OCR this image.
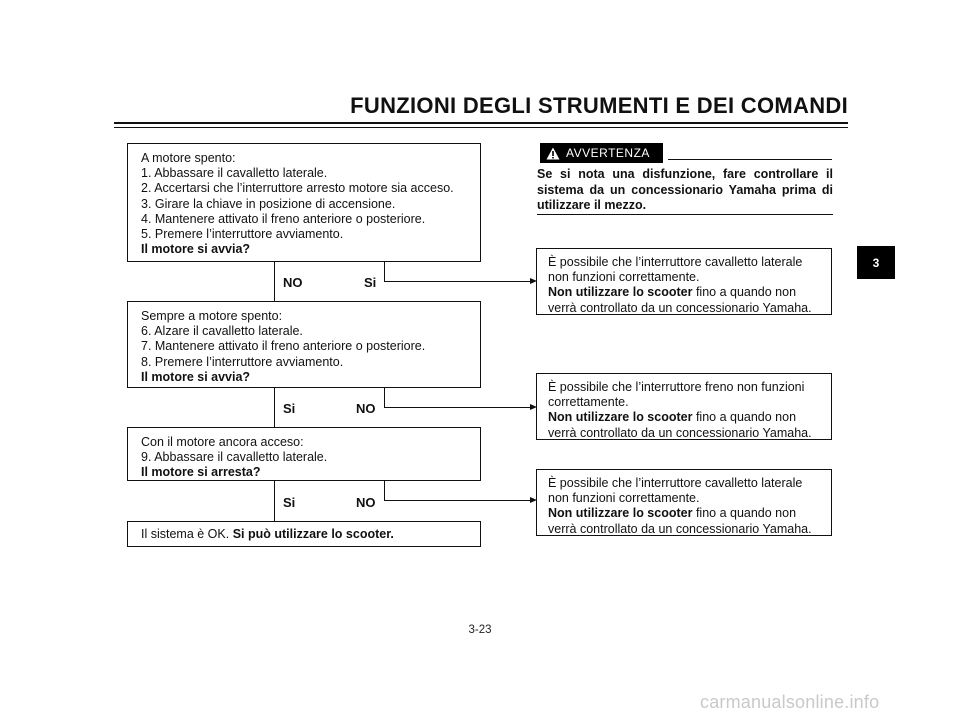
FUNZIONI DEGLI STRUMENTI E DEI COMANDI
A motore spento:
1. Abbassare il cavalletto laterale.
2. Accertarsi che l’interruttore arresto motore sia acceso.
3. Girare la chiave in posizione di accensione.
4. Mantenere attivato il freno anteriore o posteriore.
5. Premere l’interruttore avviamento.
Il motore si avvia?
NO	Si
Sempre a motore spento:
6. Alzare il cavalletto laterale.
7. Mantenere attivato il freno anteriore o posteriore.
8. Premere l’interruttore avviamento.
Il motore si avvia?
Si	NO
Con il motore ancora acceso:
9. Abbassare il cavalletto laterale.
Il motore si arresta?
Si	NO
Il sistema è OK. Si può utilizzare lo scooter.
AVVERTENZA
Se si nota una disfunzione, fare controllare il sistema da un concessionario Yamaha prima di utilizzare il mezzo.
È possibile che l’interruttore cavalletto laterale
non funzioni correttamente.
Non utilizzare lo scooter fino a quando non
verrà controllato da un concessionario Yamaha.
È possibile che l’interruttore freno non funzioni
correttamente.
Non utilizzare lo scooter fino a quando non
verrà controllato da un concessionario Yamaha.
È possibile che l’interruttore cavalletto laterale
non funzioni correttamente.
Non utilizzare lo scooter fino a quando non
verrà controllato da un concessionario Yamaha.
3
3-23
carmanualsonline.info
